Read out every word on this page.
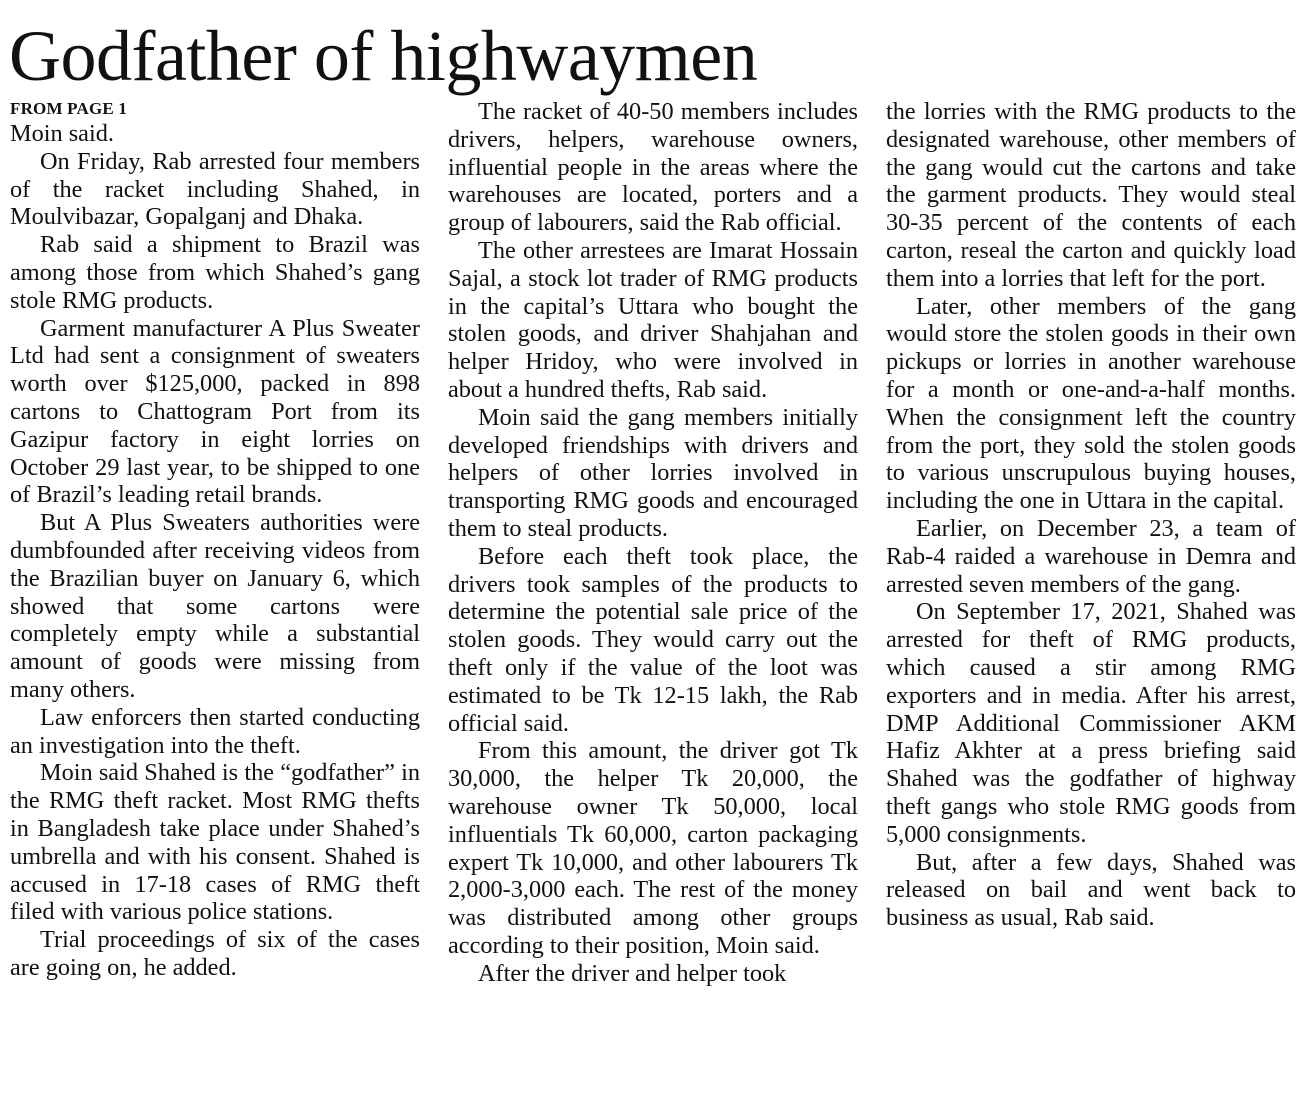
Godfather of highwaymen
FROM PAGE 1

Moin said.

On Friday, Rab arrested four members of the racket including Shahed, in Moulvibazar, Gopalganj and Dhaka.

Rab said a shipment to Brazil was among those from which Shahed’s gang stole RMG products.

Garment manufacturer A Plus Sweater Ltd had sent a consignment of sweaters worth over $125,000, packed in 898 cartons to Chattogram Port from its Gazipur factory in eight lorries on October 29 last year, to be shipped to one of Brazil’s leading retail brands.

But A Plus Sweaters authorities were dumbfounded after receiving videos from the Brazilian buyer on January 6, which showed that some cartons were completely empty while a substantial amount of goods were missing from many others.

Law enforcers then started conducting an investigation into the theft.

Moin said Shahed is the “godfather” in the RMG theft racket. Most RMG thefts in Bangladesh take place under Shahed’s umbrella and with his consent. Shahed is accused in 17-18 cases of RMG theft filed with various police stations.

Trial proceedings of six of the cases are going on, he added.

The racket of 40-50 members includes drivers, helpers, warehouse owners, influential people in the areas where the warehouses are located, porters and a group of labourers, said the Rab official.

The other arrestees are Imarat Hossain Sajal, a stock lot trader of RMG products in the capital’s Uttara who bought the stolen goods, and driver Shahjahan and helper Hridoy, who were involved in about a hundred thefts, Rab said.

Moin said the gang members initially developed friendships with drivers and helpers of other lorries involved in transporting RMG goods and encouraged them to steal products.

Before each theft took place, the drivers took samples of the products to determine the potential sale price of the stolen goods. They would carry out the theft only if the value of the loot was estimated to be Tk 12-15 lakh, the Rab official said.

From this amount, the driver got Tk 30,000, the helper Tk 20,000, the warehouse owner Tk 50,000, local influentials Tk 60,000, carton packaging expert Tk 10,000, and other labourers Tk 2,000-3,000 each. The rest of the money was distributed among other groups according to their position, Moin said.

After the driver and helper took

the lorries with the RMG products to the designated warehouse, other members of the gang would cut the cartons and take the garment products. They would steal 30-35 percent of the contents of each carton, reseal the carton and quickly load them into a lorries that left for the port.

Later, other members of the gang would store the stolen goods in their own pickups or lorries in another warehouse for a month or one-and-a-half months. When the consignment left the country from the port, they sold the stolen goods to various unscrupulous buying houses, including the one in Uttara in the capital.

Earlier, on December 23, a team of Rab-4 raided a warehouse in Demra and arrested seven members of the gang.

On September 17, 2021, Shahed was arrested for theft of RMG products, which caused a stir among RMG exporters and in media. After his arrest, DMP Additional Commissioner AKM Hafiz Akhter at a press briefing said Shahed was the godfather of highway theft gangs who stole RMG goods from 5,000 consignments.

But, after a few days, Shahed was released on bail and went back to business as usual, Rab said.
